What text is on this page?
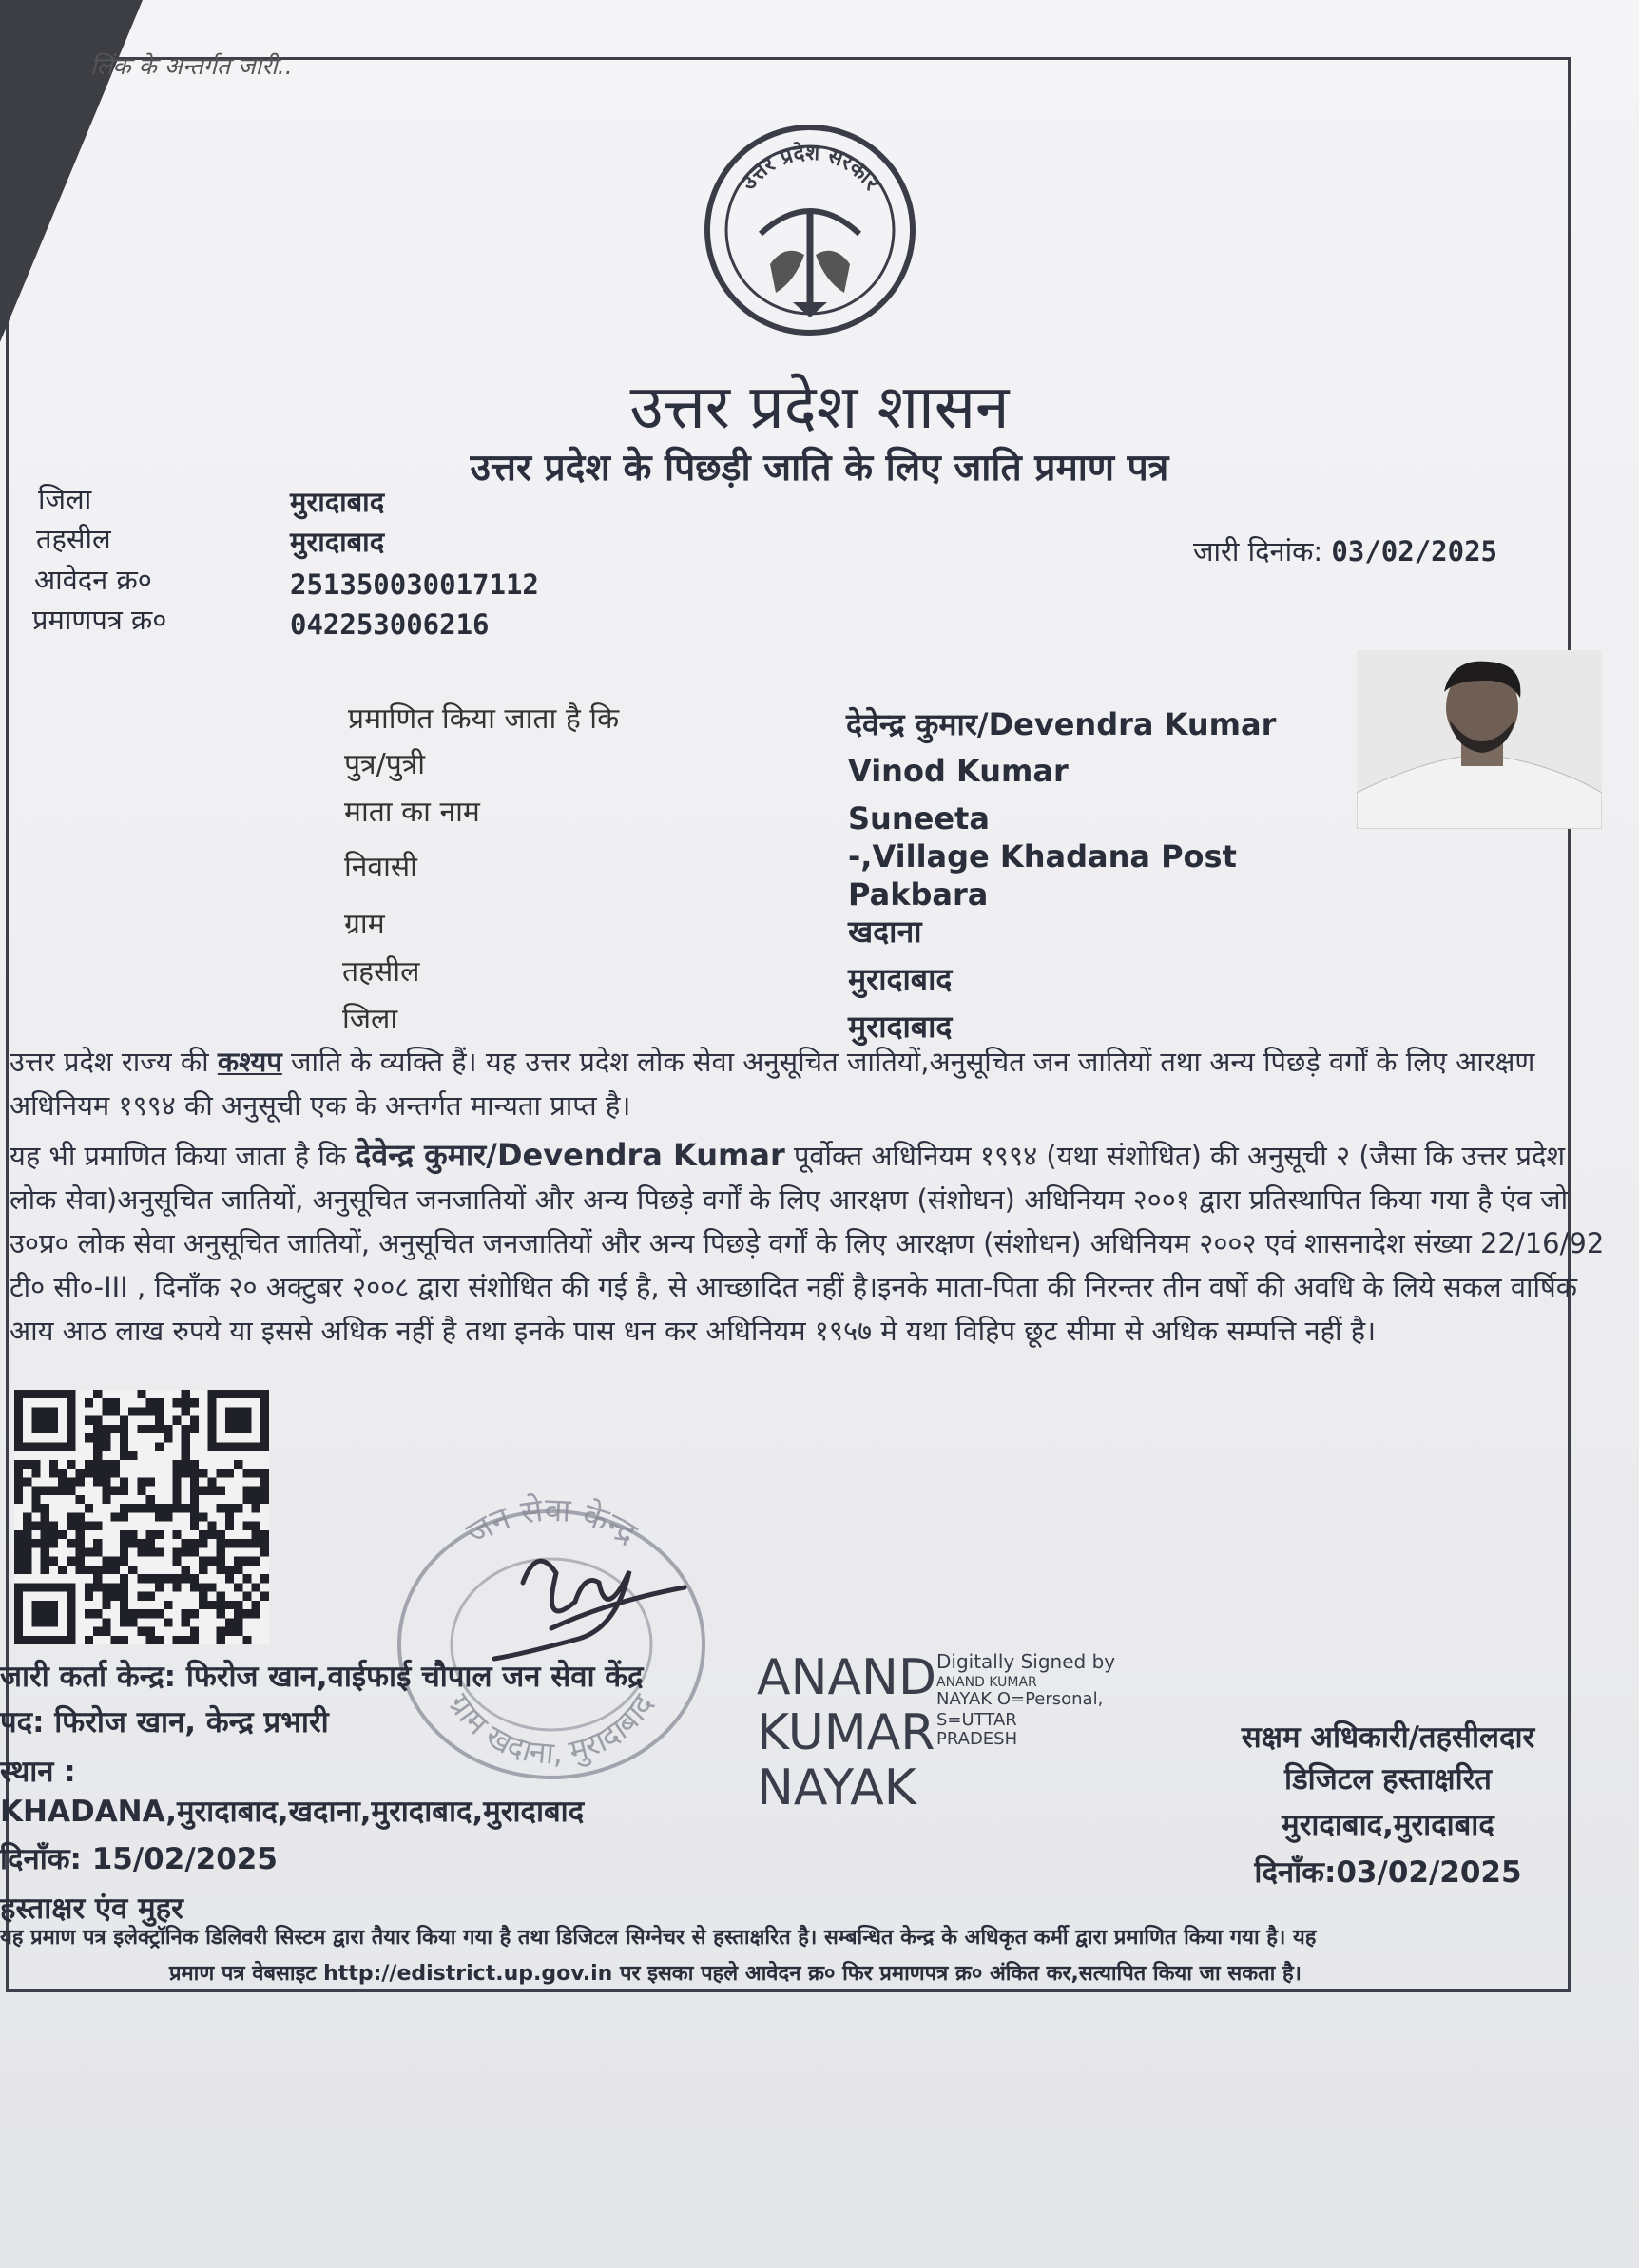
लिंक के अन्तर्गत जारी..
उत्तर प्रदेश सरकार
उत्तर प्रदेश शासन
उत्तर प्रदेश के पिछड़ी जाति के लिए जाति प्रमाण पत्र
जिला	मुरादाबाद
तहसील	मुरादाबाद
आवेदन क्र०	251350030017112
प्रमाणपत्र क्र०	042253006216
जारी दिनांक: 03/02/2025
प्रमाणित किया जाता है कि	देवेन्द्र कुमार/Devendra Kumar
पुत्र/पुत्री	Vinod Kumar
माता का नाम	Suneeta
निवासी	-,Village Khadana Post
Pakbara
ग्राम	खदाना
तहसील	मुरादाबाद
जिला	मुरादाबाद
उत्तर प्रदेश राज्य की कश्यप जाति के व्यक्ति हैं। यह उत्तर प्रदेश लोक सेवा अनुसूचित जातियों,अनुसूचित जन जातियों तथा अन्य पिछड़े वर्गों के लिए आरक्षण अधिनियम १९९४ की अनुसूची एक के अन्तर्गत मान्यता प्राप्त है।
यह भी प्रमाणित किया जाता है कि देवेन्द्र कुमार/Devendra Kumar पूर्वोक्त अधिनियम १९९४ (यथा संशोधित) की अनुसूची २ (जैसा कि उत्तर प्रदेश लोक सेवा)अनुसूचित जातियों, अनुसूचित जनजातियों और अन्य पिछड़े वर्गों के लिए आरक्षण (संशोधन) अधिनियम २००१ द्वारा प्रतिस्थापित किया गया है एंव जो उ०प्र० लोक सेवा अनुसूचित जातियों, अनुसूचित जनजातियों और अन्य पिछड़े वर्गों के लिए आरक्षण (संशोधन) अधिनियम २००२ एवं शासनादेश संख्या 22/16/92 टी० सी०-III , दिनाँक २० अक्टुबर २००८ द्वारा संशोधित की गई है, से आच्छादित नहीं है।इनके माता-पिता की निरन्तर तीन वर्षो की अवधि के लिये सकल वार्षिक आय आठ लाख रुपये या इससे अधिक नहीं है तथा इनके पास धन कर अधिनियम १९५७ मे यथा विहिप छूट सीमा से अधिक सम्पत्ति नहीं है।
जन सेवा केन्द्र
ग्राम खदाना, मुरादाबाद
जारी कर्ता केन्द्र: फिरोज खान,वाईफाई चौपाल जन सेवा केंद्र
पद: फिरोज खान, केन्द्र प्रभारी
स्थान :
KHADANA,मुरादाबाद,खदाना,मुरादाबाद,मुरादाबाद
दिनाँक: 15/02/2025
हस्ताक्षर एंव मुहर
ANAND
KUMAR
NAYAK
Digitally Signed by
ANAND KUMAR
NAYAK O=Personal,
S=UTTAR
PRADESH	सक्षम अधिकारी/तहसीलदार
डिजिटल हस्ताक्षरित
मुरादाबाद,मुरादाबाद
दिनाँक:03/02/2025
यह प्रमाण पत्र इलेक्ट्रॉनिक डिलिवरी सिस्टम द्वारा तैयार किया गया है तथा डिजिटल सिग्नेचर से हस्ताक्षरित है। सम्बन्धित केन्द्र के अधिकृत कर्मी द्वारा प्रमाणित किया गया है। यह
प्रमाण पत्र वेबसाइट http://edistrict.up.gov.in पर इसका पहले आवेदन क्र० फिर प्रमाणपत्र क्र० अंकित कर,सत्यापित किया जा सकता है।
